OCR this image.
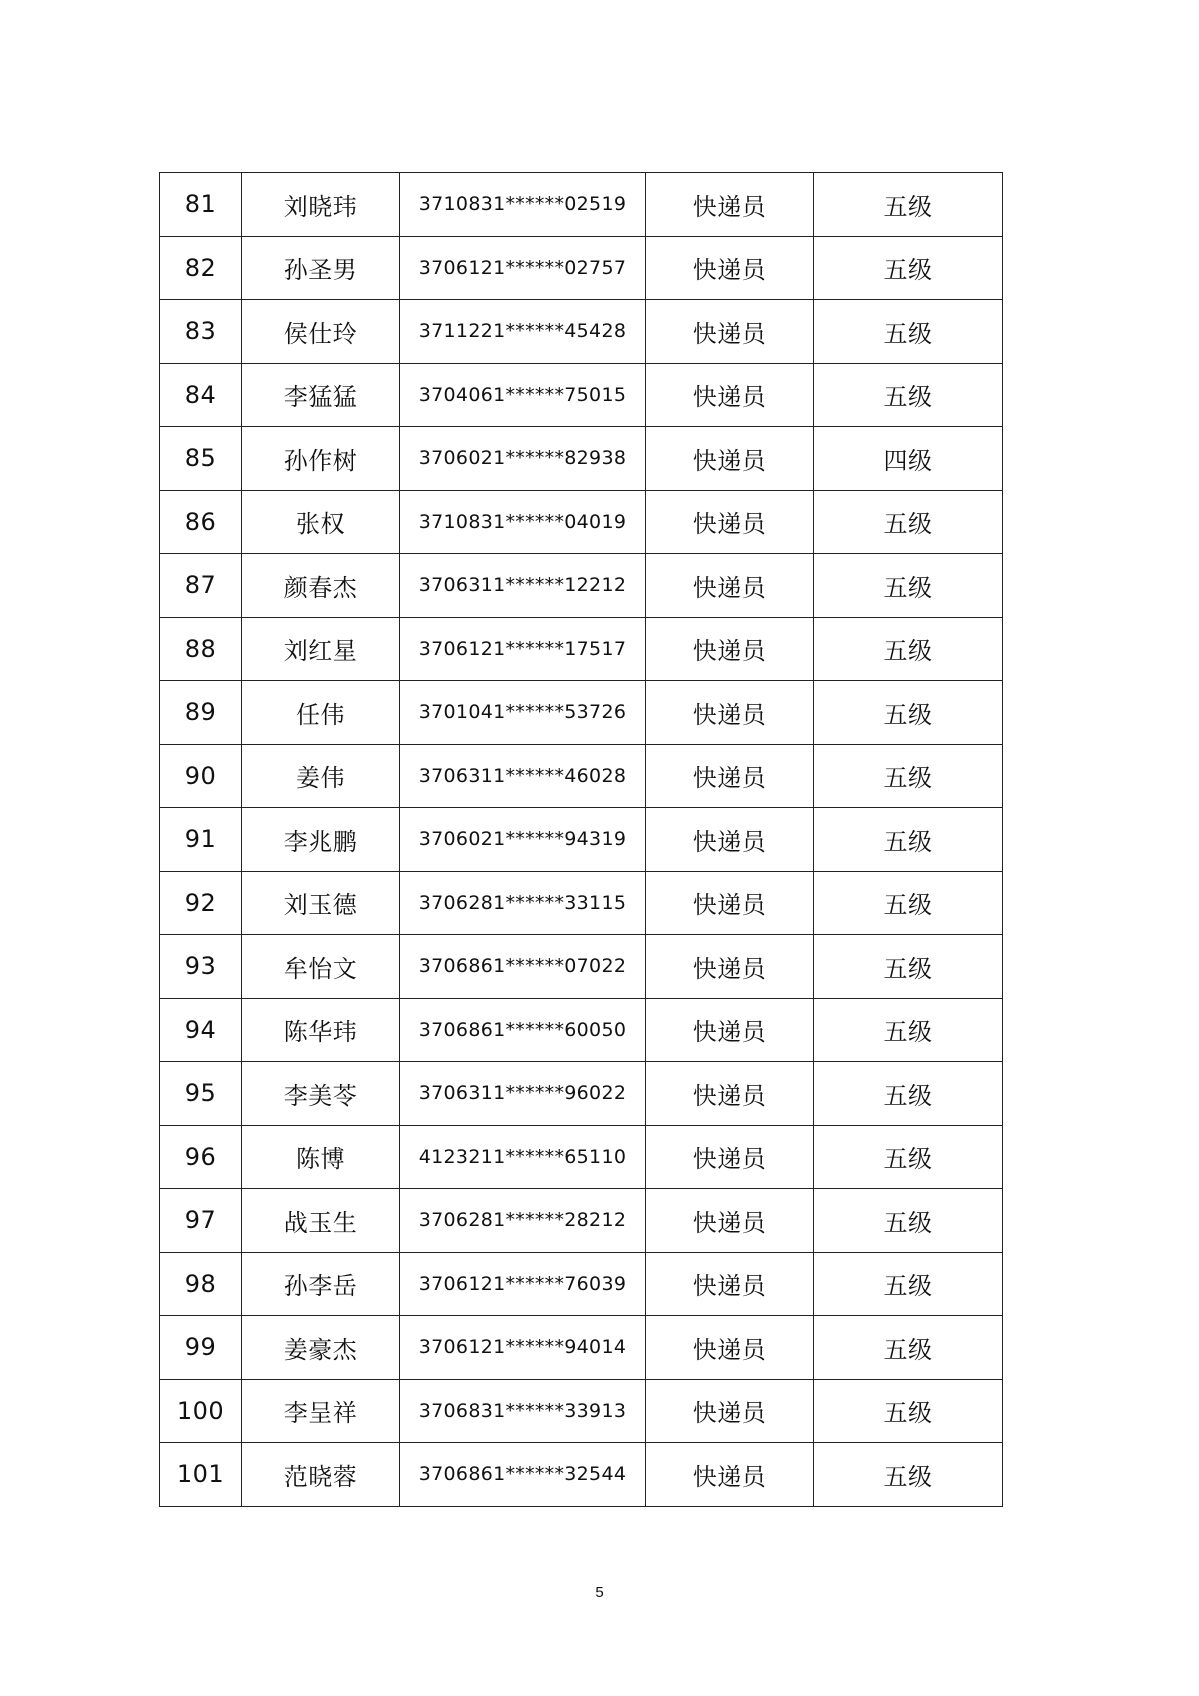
81	刘晓玮	3710831******02519	快递员	五级
82	孙圣男	3706121******02757	快递员	五级
83	侯仕玲	3711221******45428	快递员	五级
84	李猛猛	3704061******75015	快递员	五级
85	孙作树	3706021******82938	快递员	四级
86	张权	3710831******04019	快递员	五级
87	颜春杰	3706311******12212	快递员	五级
88	刘红星	3706121******17517	快递员	五级
89	任伟	3701041******53726	快递员	五级
90	姜伟	3706311******46028	快递员	五级
91	李兆鹏	3706021******94319	快递员	五级
92	刘玉德	3706281******33115	快递员	五级
93	牟怡文	3706861******07022	快递员	五级
94	陈华玮	3706861******60050	快递员	五级
95	李美苓	3706311******96022	快递员	五级
96	陈博	4123211******65110	快递员	五级
97	战玉生	3706281******28212	快递员	五级
98	孙李岳	3706121******76039	快递员	五级
99	姜豪杰	3706121******94014	快递员	五级
100	李呈祥	3706831******33913	快递员	五级
101	范晓蓉	3706861******32544	快递员	五级
5
